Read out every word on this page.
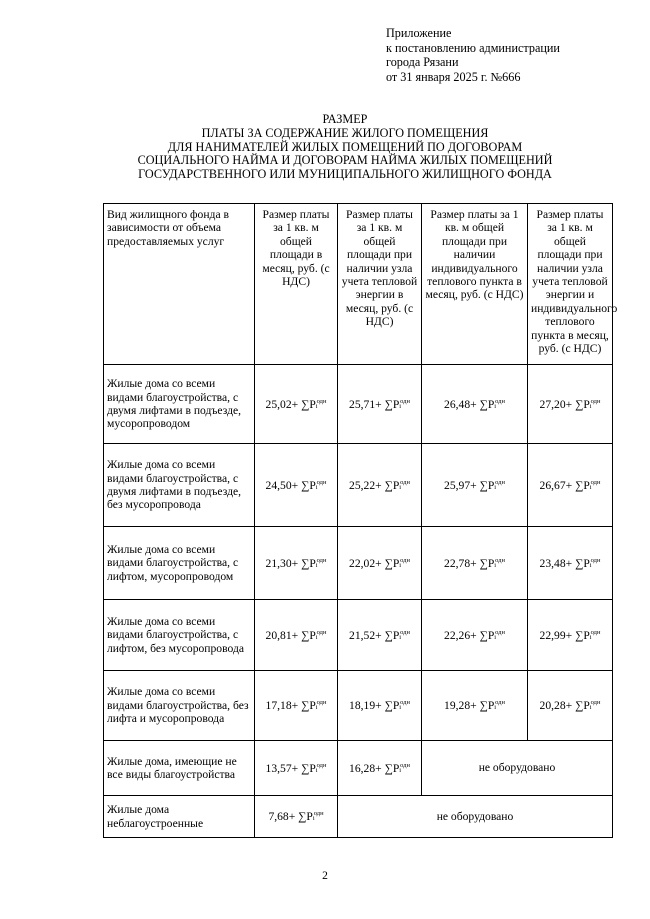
Приложение
к постановлению администрации
города Рязани
от 31 января 2025 г. №666
РАЗМЕР
ПЛАТЫ ЗА СОДЕРЖАНИЕ ЖИЛОГО ПОМЕЩЕНИЯ
ДЛЯ НАНИМАТЕЛЕЙ ЖИЛЫХ ПОМЕЩЕНИЙ ПО ДОГОВОРАМ
СОЦИАЛЬНОГО НАЙМА И ДОГОВОРАМ НАЙМА ЖИЛЫХ ПОМЕЩЕНИЙ
ГОСУДАРСТВЕННОГО ИЛИ МУНИЦИПАЛЬНОГО ЖИЛИЩНОГО ФОНДА
Вид жилищного фонда в зависимости от объема предоставляемых услуг	Размер платы за 1 кв. м общей площади в месяц, руб. (с НДС)	Размер платы за 1 кв. м общей площади при наличии узла учета тепловой энергии в месяц, руб. (с НДС)	Размер платы за 1 кв. м общей площади при наличии индивидуального теплового пункта в месяц, руб. (с НДС)	Размер платы за 1 кв. м общей площади при наличии узла учета тепловой энергии и индивидуального теплового пункта в месяц, руб. (с НДС)
Жилые дома со всеми видами благоустройства, с двумя лифтами в подъезде, мусоропроводом	$25,02+ \sum Pi^{одн}$	$25,71+ \sum Pi^{одн}$	$26,48+ \sum Pi^{одн}$	$27,20+ \sum Pi^{одн}$
Жилые дома со всеми видами благоустройства, с двумя лифтами в подъезде, без мусоропровода	$24,50+ \sum Pi^{одн}$	$25,22+ \sum Pi^{одн}$	$25,97+ \sum Pi^{одн}$	$26,67+ \sum Pi^{одн}$
Жилые дома со всеми видами благоустройства, с лифтом, мусоропроводом	$21,30+ \sum Pi^{одн}$	$22,02+ \sum Pi^{одн}$	$22,78+ \sum Pi^{одн}$	$23,48+ \sum Pi^{одн}$
Жилые дома со всеми видами благоустройства, с лифтом, без мусоропровода	$20,81+ \sum Pi^{одн}$	$21,52+ \sum Pi^{одн}$	$22,26+ \sum Pi^{одн}$	$22,99+ \sum Pi^{одн}$
Жилые дома со всеми видами благоустройства, без лифта и мусоропровода	$17,18+ \sum Pi^{одн}$	$18,19+ \sum Pi^{одн}$	$19,28+ \sum Pi^{одн}$	$20,28+ \sum Pi^{одн}$
Жилые дома, имеющие не все виды благоустройства	$13,57+ \sum Pi^{одн}$	$16,28+ \sum Pi^{одн}$	не оборудовано	
Жилые дома неблагоустроенные	$7,68+ \sum Pi^{одн}$	не оборудовано		
2
